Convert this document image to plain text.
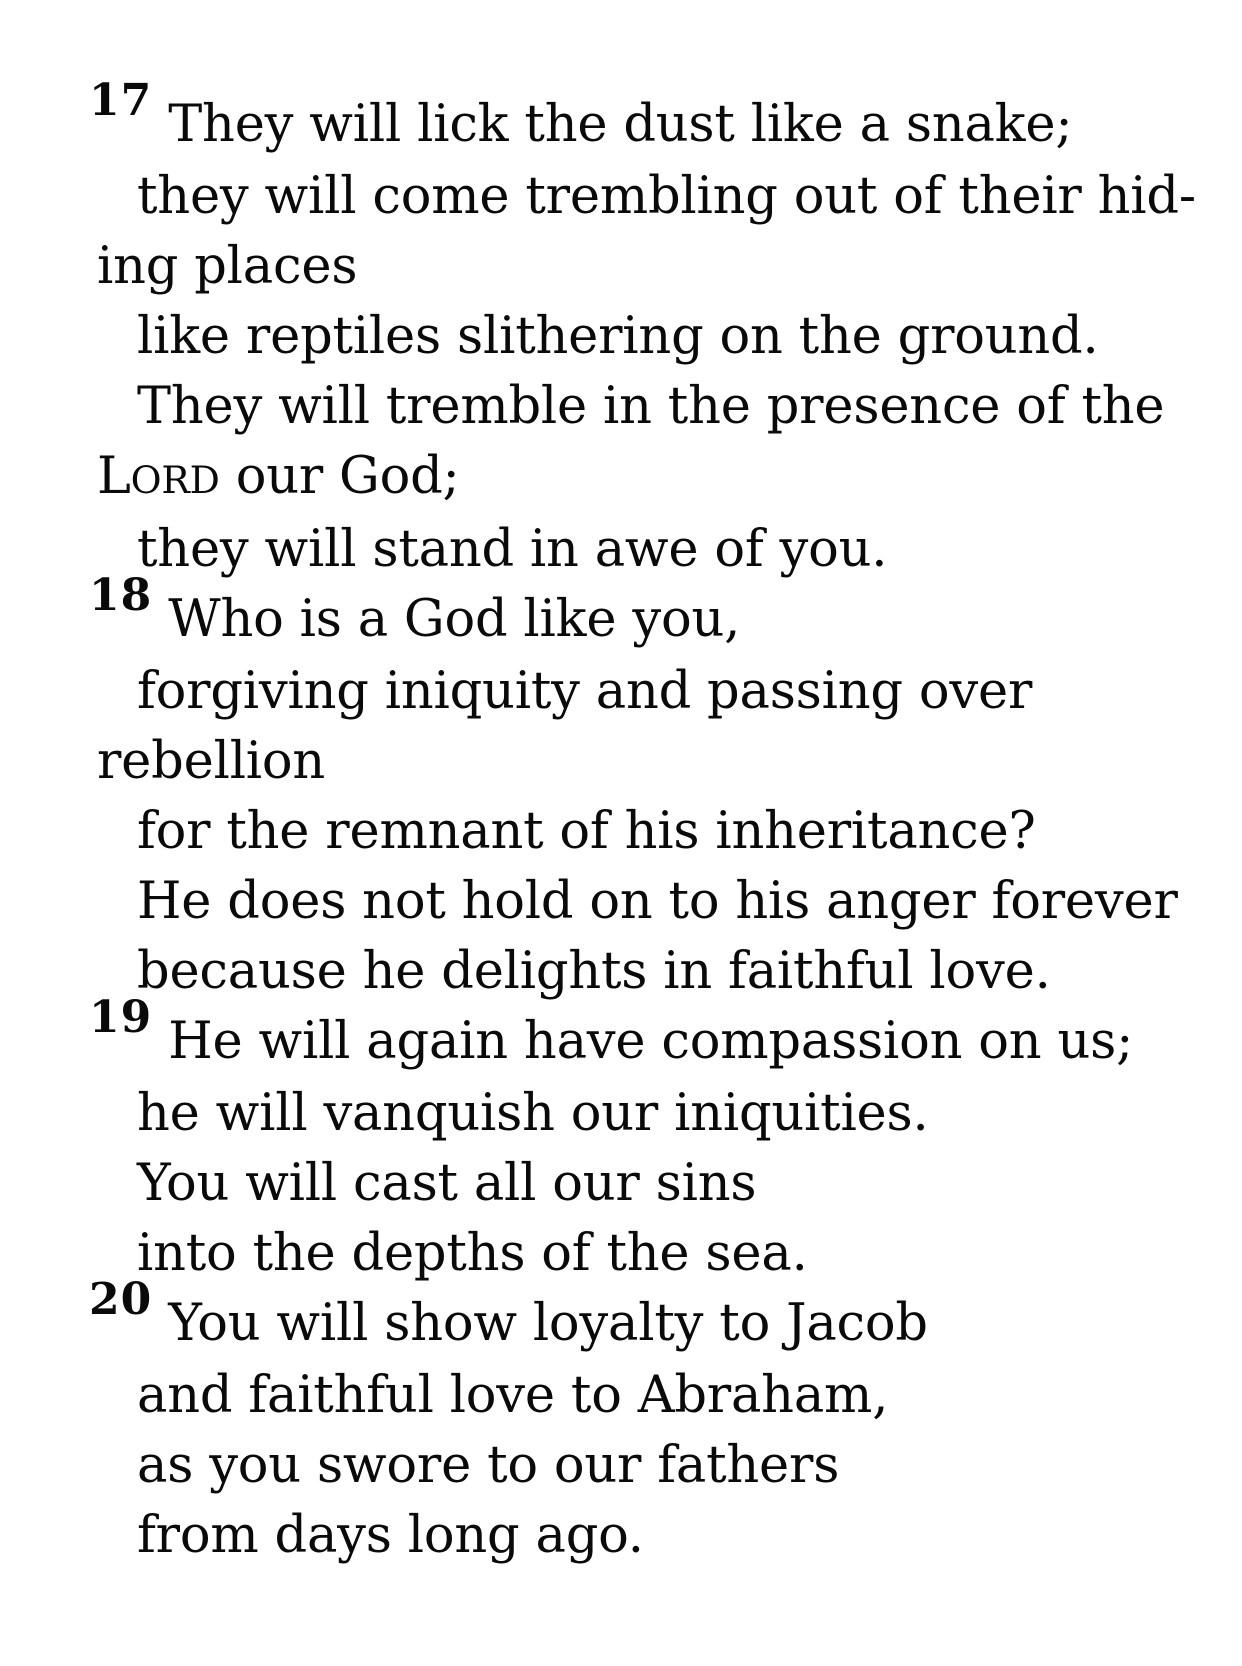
17 They will lick the dust like a snake;
they will come trembling out of their hid-
ing places
like reptiles slithering on the ground.
They will tremble in the presence of the
LORD our God;
they will stand in awe of you.
18 Who is a God like you,
forgiving iniquity and passing over
rebellion
for the remnant of his inheritance?
He does not hold on to his anger forever
because he delights in faithful love.
19 He will again have compassion on us;
he will vanquish our iniquities.
You will cast all our sins
into the depths of the sea.
20 You will show loyalty to Jacob
and faithful love to Abraham,
as you swore to our fathers
from days long ago.
